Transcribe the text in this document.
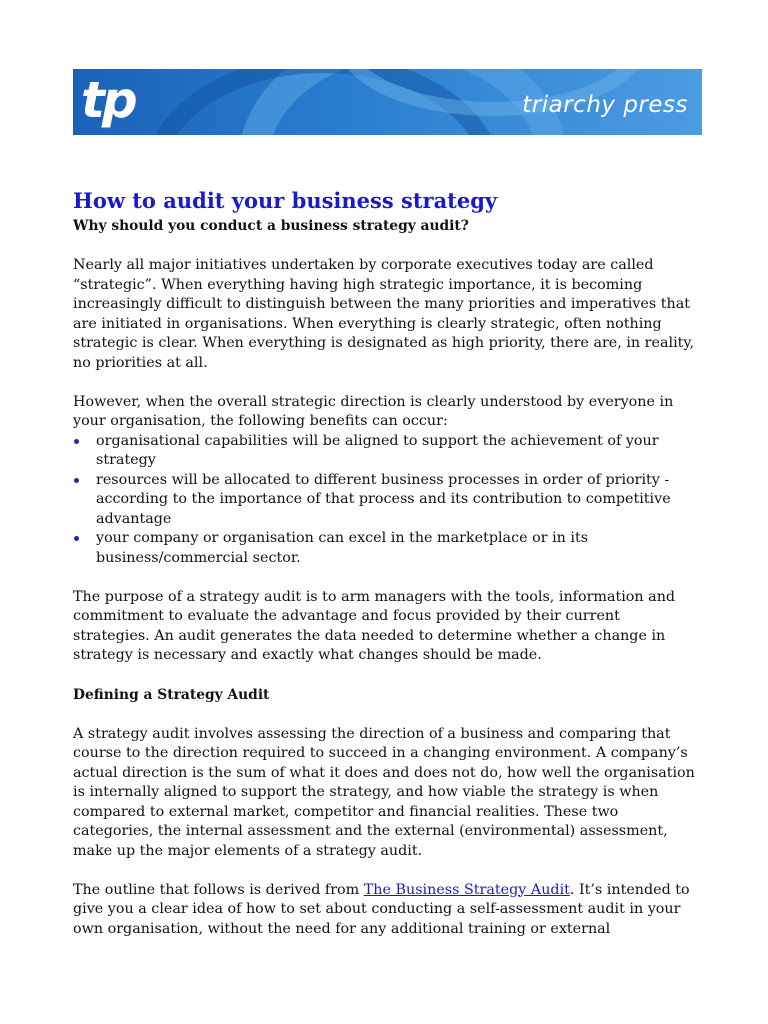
tp	triarchy press
How to audit your business strategy
Why should you conduct a business strategy audit?

Nearly all major initiatives undertaken by corporate executives today are called “strategic”. When everything having high strategic importance, it is becoming increasingly difficult to distinguish between the many priorities and imperatives that are initiated in organisations. When everything is clearly strategic, often nothing strategic is clear. When everything is designated as high priority, there are, in reality, no priorities at all.

However, when the overall strategic direction is clearly understood by everyone in your organisation, the following benefits can occur:

organisational capabilities will be aligned to support the achievement of your strategy
resources will be allocated to different business processes in order of priority - according to the importance of that process and its contribution to competitive advantage
your company or organisation can excel in the marketplace or in its business/commercial sector.

The purpose of a strategy audit is to arm managers with the tools, information and commitment to evaluate the advantage and focus provided by their current strategies. An audit generates the data needed to determine whether a change in strategy is necessary and exactly what changes should be made.

Defining a Strategy Audit

A strategy audit involves assessing the direction of a business and comparing that course to the direction required to succeed in a changing environment. A company’s actual direction is the sum of what it does and does not do, how well the organisation is internally aligned to support the strategy, and how viable the strategy is when compared to external market, competitor and financial realities. These two categories, the internal assessment and the external (environmental) assessment, make up the major elements of a strategy audit.

The outline that follows is derived from The Business Strategy Audit. It’s intended to give you a clear idea of how to set about conducting a self-assessment audit in your own organisation, without the need for any additional training or external
